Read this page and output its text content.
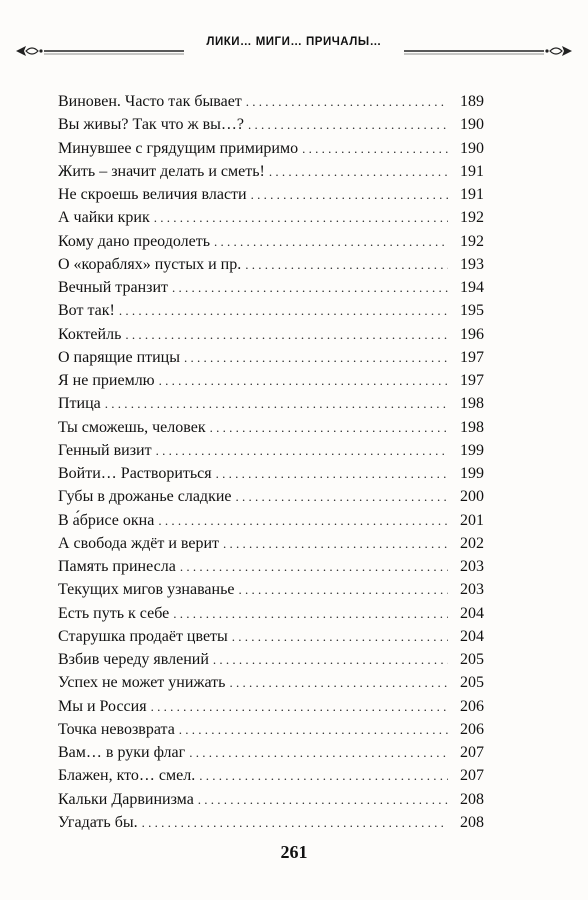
ЛИКИ… МИГИ… ПРИЧАЛЫ…
Виновен. Часто так бывает . . .	189
Вы живы? Так что ж вы…? . . .	190
Минувшее с грядущим примиримо . . .	190
Жить – значит делать и сметь! . . .	191
Не скроешь величия власти . . .	191
А чайки крик . . .	192
Кому дано преодолеть . . .	192
О «кораблях» пустых и пр. . . .	193
Вечный транзит . . .	194
Вот так! . . .	195
Коктейль . . .	196
О парящие птицы . . .	197
Я не приемлю . . .	197
Птица . . .	198
Ты сможешь, человек . . .	198
Генный визит . . .	199
Войти… Раствориться . . .	199
Губы в дрожанье сладкие . . .	200
В а́брисе окна . . .	201
А свобода ждёт и верит . . .	202
Память принесла . . .	203
Текущих мигов узнаванье . . .	203
Есть путь к себе . . .	204
Старушка продаёт цветы . . .	204
Взбив череду явлений . . .	205
Успех не может унижать . . .	205
Мы и Россия . . .	206
Точка невозврата . . .	206
Вам… в руки флаг . . .	207
Блажен, кто… смел. . . .	207
Кальки Дарвинизма . . .	208
Угадать бы. . . .	208
261
